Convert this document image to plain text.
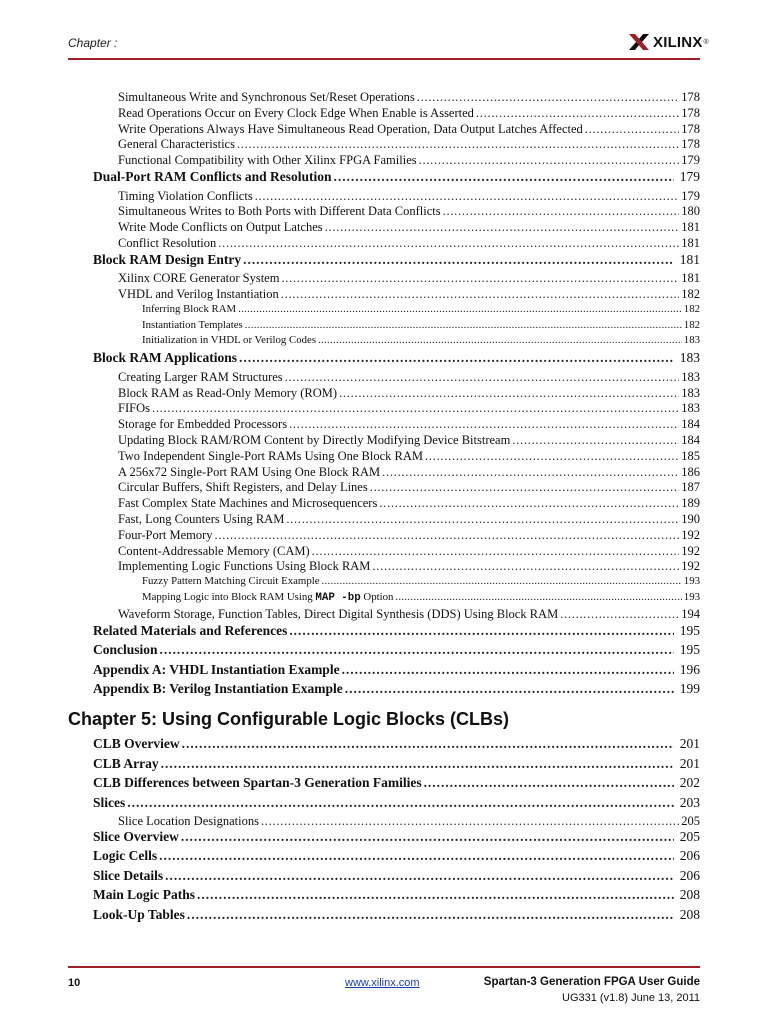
Chapter :	XILINX ®
Simultaneous Write and Synchronous Set/Reset Operations . . .	178
Read Operations Occur on Every Clock Edge When Enable is Asserted . . .	178
Write Operations Always Have Simultaneous Read Operation, Data Output Latches Affected . . .	178
General Characteristics . . .	178
Functional Compatibility with Other Xilinx FPGA Families . . .	179
Dual-Port RAM Conflicts and Resolution . . .	179
Timing Violation Conflicts . . .	179
Simultaneous Writes to Both Ports with Different Data Conflicts . . .	180
Write Mode Conflicts on Output Latches . . .	181
Conflict Resolution . . .	181
Block RAM Design Entry . . .	181
Xilinx CORE Generator System . . .	181
VHDL and Verilog Instantiation . . .	182
Inferring Block RAM . . .	182
Instantiation Templates . . .	182
Initialization in VHDL or Verilog Codes . . .	183
Block RAM Applications . . .	183
Creating Larger RAM Structures . . .	183
Block RAM as Read-Only Memory (ROM) . . .	183
FIFOs . . .	183
Storage for Embedded Processors . . .	184
Updating Block RAM/ROM Content by Directly Modifying Device Bitstream . . .	184
Two Independent Single-Port RAMs Using One Block RAM . . .	185
A 256x72 Single-Port RAM Using One Block RAM . . .	186
Circular Buffers, Shift Registers, and Delay Lines . . .	187
Fast Complex State Machines and Microsequencers . . .	189
Fast, Long Counters Using RAM . . .	190
Four-Port Memory . . .	192
Content-Addressable Memory (CAM) . . .	192
Implementing Logic Functions Using Block RAM . . .	192
Fuzzy Pattern Matching Circuit Example . . .	193
Mapping Logic into Block RAM Using MAP -bp Option . . .	193
Waveform Storage, Function Tables, Direct Digital Synthesis (DDS) Using Block RAM . . .	194
Related Materials and References . . .	195
Conclusion . . .	195
Appendix A: VHDL Instantiation Example . . .	196
Appendix B: Verilog Instantiation Example . . .	199
CLB Overview . . .	201
CLB Array . . .	201
CLB Differences between Spartan-3 Generation Families . . .	202
Slices . . .	203
Slice Location Designations . . .	205
Slice Overview . . .	205
Logic Cells . . .	206
Slice Details . . .	206
Main Logic Paths . . .	208
Look-Up Tables . . .	208
Chapter 5: Using Configurable Logic Blocks (CLBs)
10	www.xilinx.com	Spartan-3 Generation FPGA User Guide
UG331 (v1.8) June 13, 2011
